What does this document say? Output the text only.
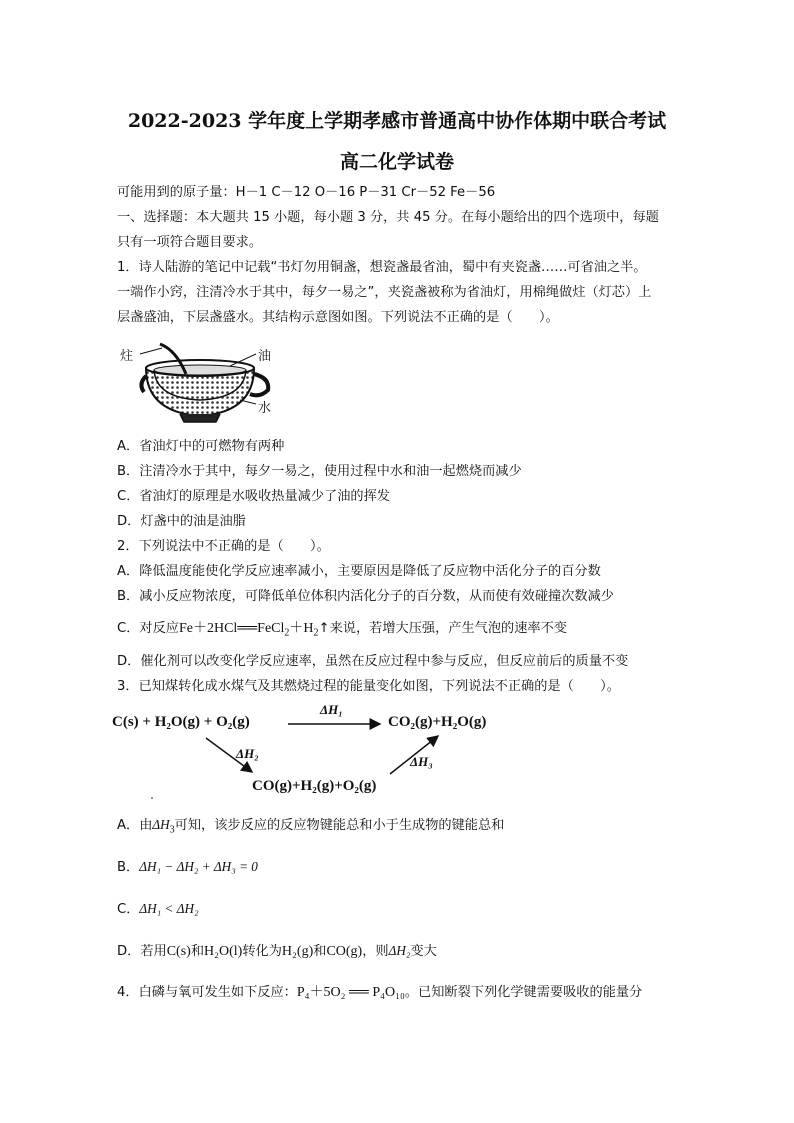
2022-2023 学年度上学期孝感市普通高中协作体期中联合考试
高二化学试卷
可能用到的原子量：H－1 C－12 O－16 P－31 Cr－52 Fe－56
一、选择题：本大题共 15 小题，每小题 3 分，共 45 分。在每小题给出的四个选项中，每题
只有一项符合题目要求。
1．诗人陆游的笔记中记载“书灯勿用铜盏，想瓷盏最省油，蜀中有夹瓷盏……可省油之半。
一端作小窍，注清冷水于其中，每夕一易之”，夹瓷盏被称为省油灯，用棉绳做炷（灯芯）上
层盏盛油，下层盏盛水。其结构示意图如图。下列说法不正确的是（　　）。
炷	油
水
A．省油灯中的可燃物有两种
B．注清冷水于其中，每夕一易之，使用过程中水和油一起燃烧而减少
C．省油灯的原理是水吸收热量减少了油的挥发
D．灯盏中的油是油脂
2．下列说法中不正确的是（　　）。
A．降低温度能使化学反应速率减小，主要原因是降低了反应物中活化分子的百分数
B．减小反应物浓度，可降低单位体积内活化分子的百分数，从而使有效碰撞次数减少
C．对反应$Fe+2HCl══FeCl_2+H_2↑$来说，若增大压强，产生气泡的速率不变
D．催化剂可以改变化学反应速率，虽然在反应过程中参与反应，但反应前后的质量不变
3．已知煤转化成水煤气及其燃烧过程的能量变化如图，下列说法不正确的是（　　）。
C(s) + H₂O(g) + O₂(g)	CO₂(g)+H₂O(g)
CO(g)+H₂(g)+O₂(g)
ΔH₁
ΔH₂
ΔH₃
A．由$\Delta H_3$可知，该步反应的反应物键能总和小于生成物的键能总和
B．ΔH₁ − ΔH₂ + ΔH₃ = 0
C．ΔH₁ < ΔH₂
D．若用C(s)和H₂O(l)转化为H₂(g)和CO(g)，则ΔH₂变大
4．白磷与氧可发生如下反应：P₄＋5O₂ ══ P₄O₁₀。已知断裂下列化学键需要吸收的能量分
